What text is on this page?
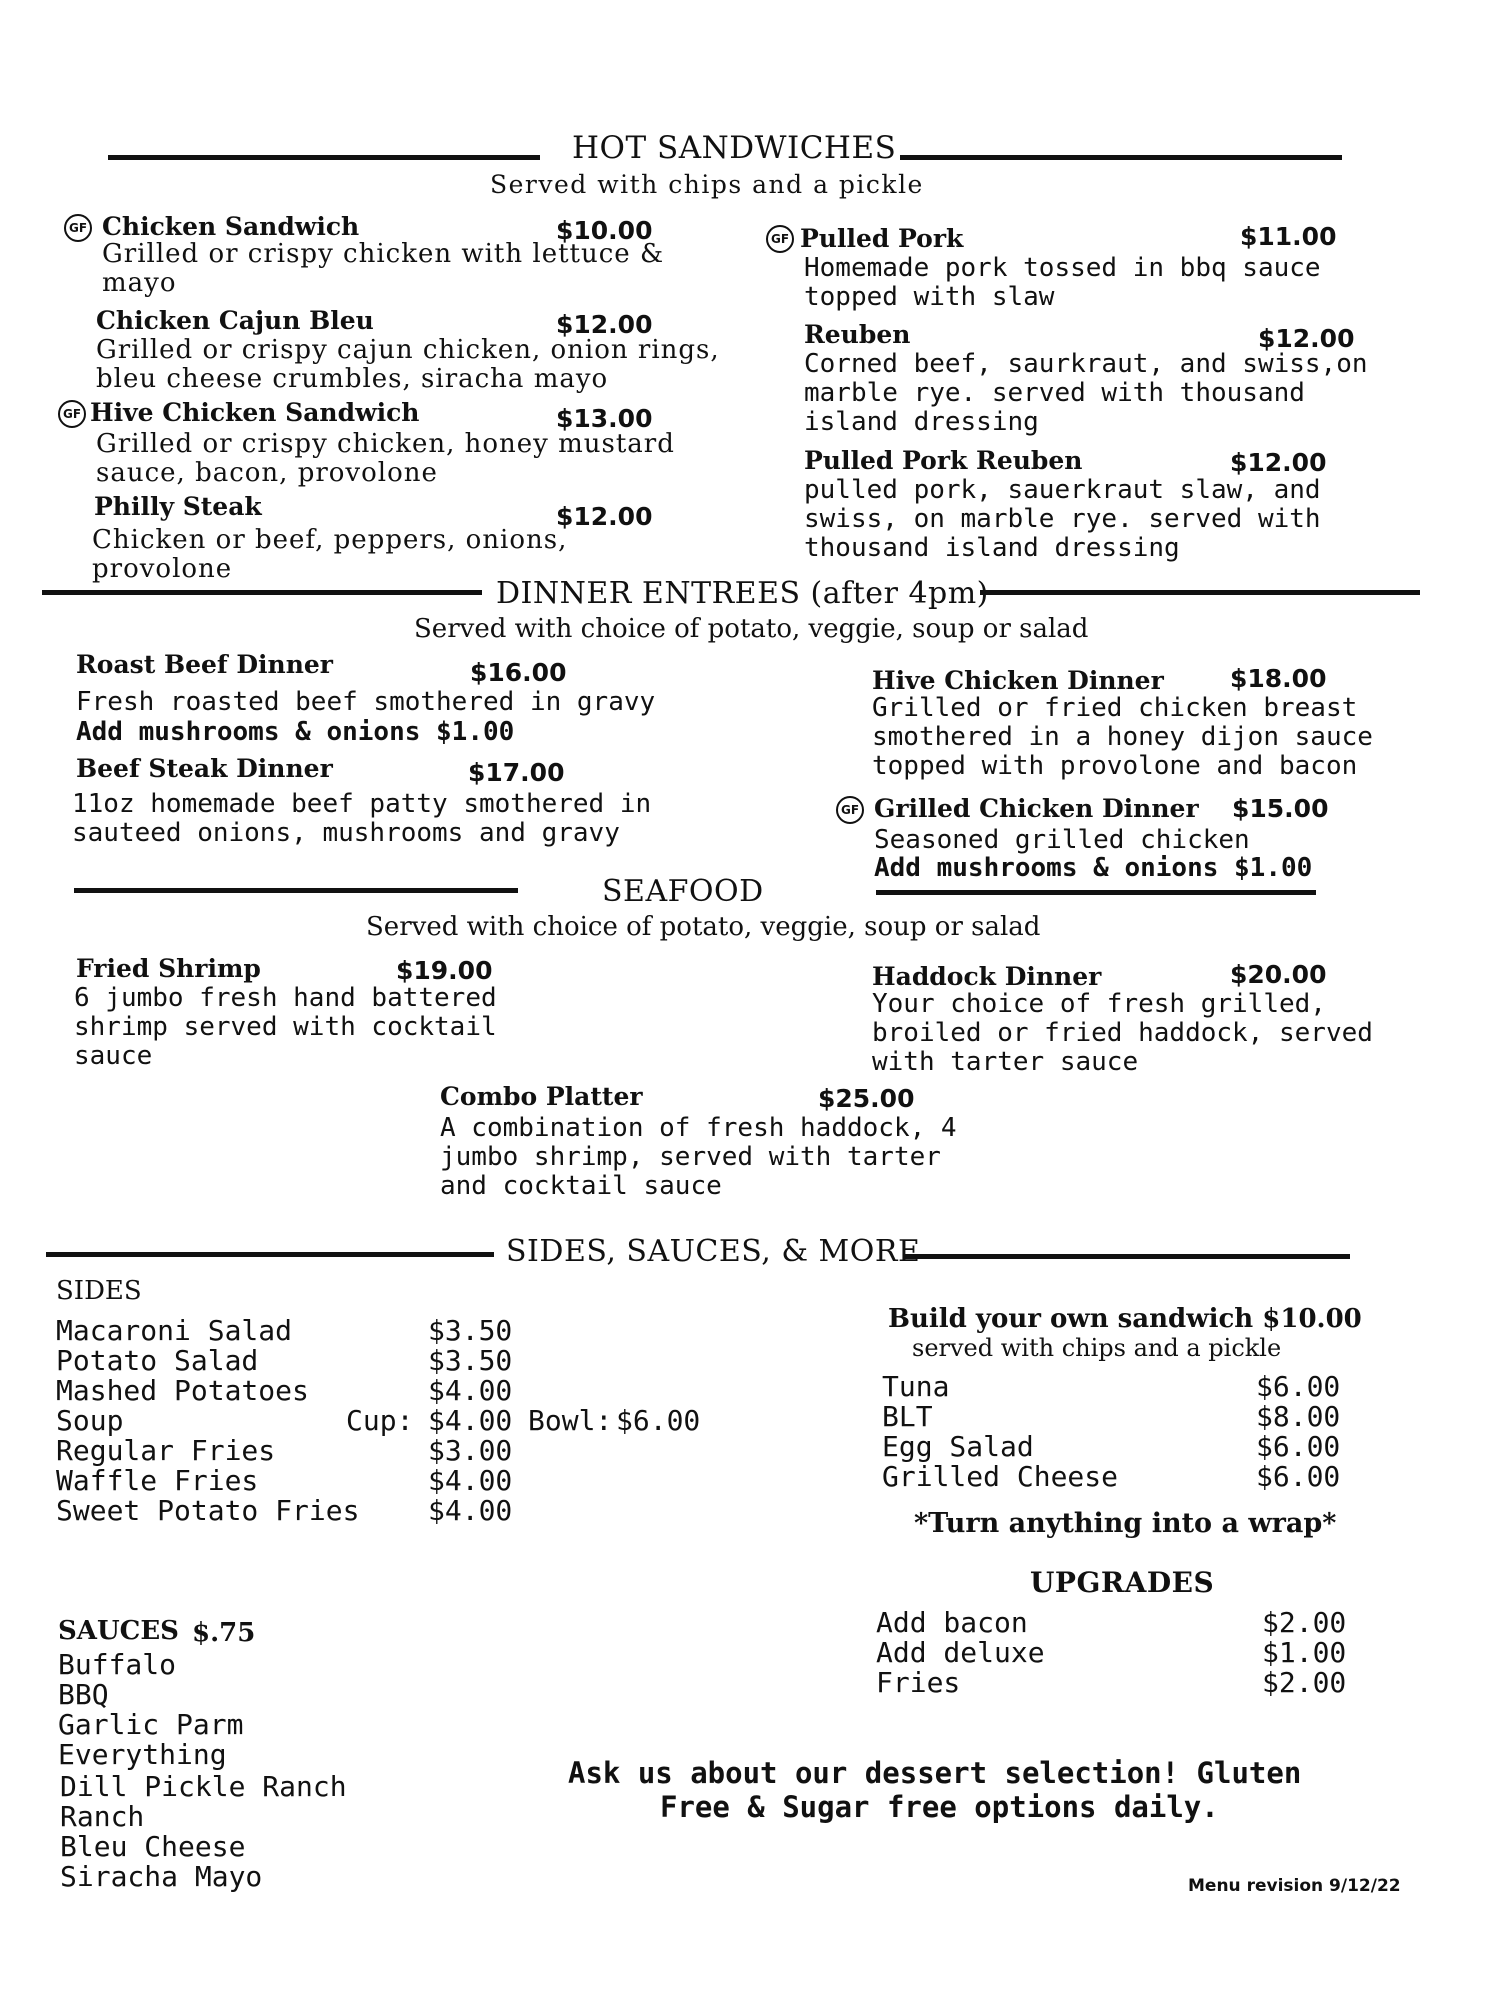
HOT SANDWICHES
Served with chips and a pickle
GF Chicken Sandwich	$10.00
Grilled or crispy chicken with lettuce & mayo
Chicken Cajun Bleu	$12.00
Grilled or crispy cajun chicken, onion rings, bleu cheese crumbles, siracha mayo
GF Hive Chicken Sandwich	$13.00
Grilled or crispy chicken, honey mustard sauce, bacon, provolone
Philly Steak	$12.00
Chicken or beef, peppers, onions, provolone
GF Pulled Pork	$11.00
Homemade pork tossed in bbq sauce topped with slaw
Reuben	$12.00
Corned beef, saurkraut, and swiss,on marble rye. served with thousand island dressing
Pulled Pork Reuben	$12.00
pulled pork, sauerkraut slaw, and swiss, on marble rye. served with thousand island dressing
DINNER ENTREES (after 4pm)
Served with choice of potato, veggie, soup or salad
Roast Beef Dinner	$16.00
Fresh roasted beef smothered in gravy
Add mushrooms & onions $1.00
Beef Steak Dinner	$17.00
11oz homemade beef patty smothered in sauteed onions, mushrooms and gravy
Hive Chicken Dinner	$18.00
Grilled or fried chicken breast smothered in a honey dijon sauce topped with provolone and bacon
GF Grilled Chicken Dinner $15.00
Seasoned grilled chicken
Add mushrooms & onions $1.00
SEAFOOD
Served with choice of potato, veggie, soup or salad
Fried Shrimp	$19.00
6 jumbo fresh hand battered shrimp served with cocktail sauce
Haddock Dinner	$20.00
Your choice of fresh grilled, broiled or fried haddock, served with tarter sauce
Combo Platter	$25.00
A combination of fresh haddock, 4 jumbo shrimp, served with tarter and cocktail sauce
SIDES, SAUCES, & MORE
SIDES
Macaroni Salad	$3.50
Potato Salad	$3.50
Mashed Potatoes	$4.00
Soup	Cup: $4.00 Bowl: $6.00
Regular Fries	$3.00
Waffle Fries	$4.00
Sweet Potato Fries $4.00
SAUCES $.75
Buffalo
BBQ
Garlic Parm
Everything
Dill Pickle Ranch
Ranch
Bleu Cheese
Siracha Mayo
Build your own sandwich $10.00
served with chips and a pickle
Tuna	$6.00
BLT	$8.00
Egg Salad	$6.00
Grilled Cheese	$6.00
*Turn anything into a wrap*
UPGRADES
Add bacon	$2.00
Add deluxe	$1.00
Fries	$2.00
Ask us about our dessert selection! Gluten
Free & Sugar free options daily.
Menu revision 9/12/22
